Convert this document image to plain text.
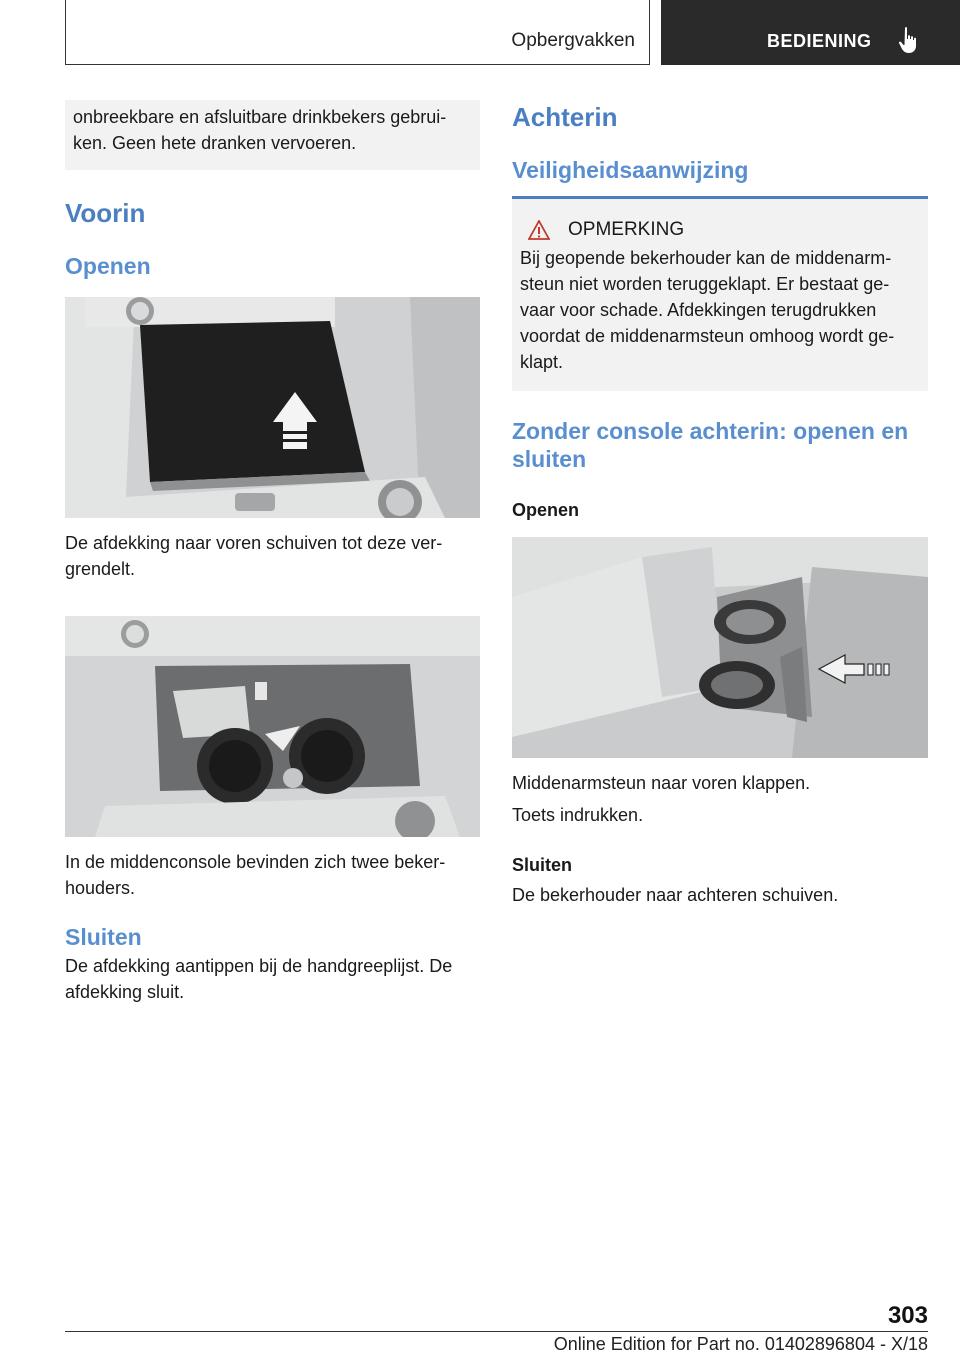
Opbergvakken	BEDIENING

onbreekbare en afsluitbare drinkbekers gebrui-ken. Geen hete dranken vervoeren.

Voorin
Openen

De afdekking naar voren schuiven tot deze ver-grendelt.

In de middenconsole bevinden zich twee beker-houders.

Sluiten

De afdekking aantippen bij de handgreeplijst. De afdekking sluit.

Achterin
Veiligheidsaanwijzing
OPMERKING

Bij geopende bekerhouder kan de middenarm-steun niet worden teruggeklapt. Er bestaat ge-vaar voor schade. Afdekkingen terugdrukken voordat de middenarmsteun omhoog wordt ge-klapt.

Zonder console achterin: openen en sluiten
Openen

Middenarmsteun naar voren klappen.

Toets indrukken.

Sluiten

De bekerhouder naar achteren schuiven.

303
Online Edition for Part no. 01402896804 - X/18
